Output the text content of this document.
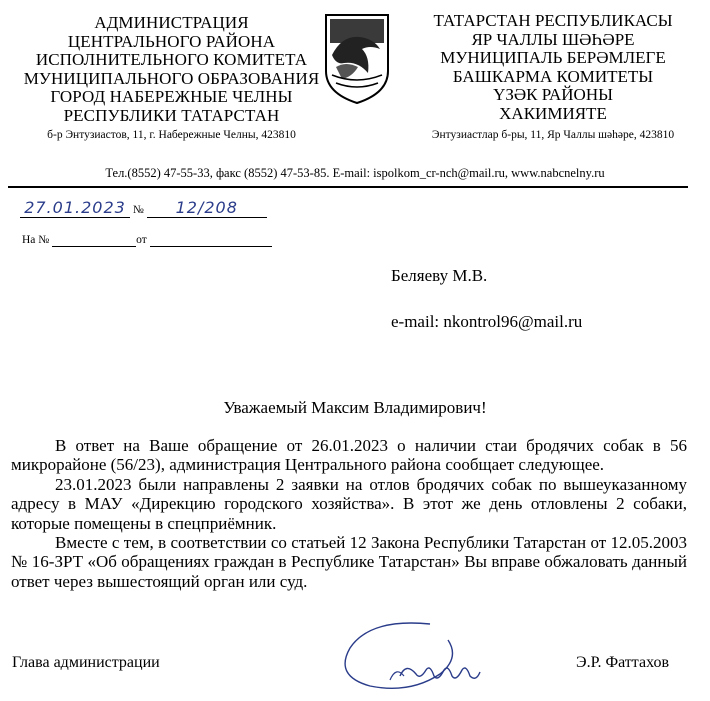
АДМИНИСТРАЦИЯ
ЦЕНТРАЛЬНОГО РАЙОНА
ИСПОЛНИТЕЛЬНОГО КОМИТЕТА
МУНИЦИПАЛЬНОГО ОБРАЗОВАНИЯ
ГОРОД НАБЕРЕЖНЫЕ ЧЕЛНЫ
РЕСПУБЛИКИ ТАТАРСТАН
б-р Энтузиастов, 11, г. Набережные Челны, 423810
ТАТАРСТАН РЕСПУБЛИКАСЫ
ЯР ЧАЛЛЫ ШӘҺӘРЕ
МУНИЦИПАЛЬ БЕРӘМЛЕГЕ
БАШКАРМА КОМИТЕТЫ
ҮЗӘК РАЙОНЫ
ХАКИМИЯТЕ
Энтузиастлар б-ры, 11, Яр Чаллы шәһәре, 423810
Тел.(8552) 47-55-33, факс (8552) 47-53-85. E-mail: ispolkom_cr-nch@mail.ru, www.nabcnelny.ru
27.01.2023 № 12/208
На №	от
Беляеву М.В.
e-mail: nkontrol96@mail.ru
Уважаемый Максим Владимирович!

В ответ на Ваше обращение от 26.01.2023 о наличии стаи бродячих собак в 56 микрорайоне (56/23), администрация Центрального района сообщает следующее.

23.01.2023 были направлены 2 заявки на отлов бродячих собак по вышеуказанному адресу в МАУ «Дирекцию городского хозяйства». В этот же день отловлены 2 собаки, которые помещены в спецприёмник.

Вместе с тем, в соответствии со статьей 12 Закона Республики Татарстан от 12.05.2003 № 16-ЗРТ «Об обращениях граждан в Республике Татарстан» Вы вправе обжаловать данный ответ через вышестоящий орган или суд.

Глава администрации	Э.Р. Фаттахов
